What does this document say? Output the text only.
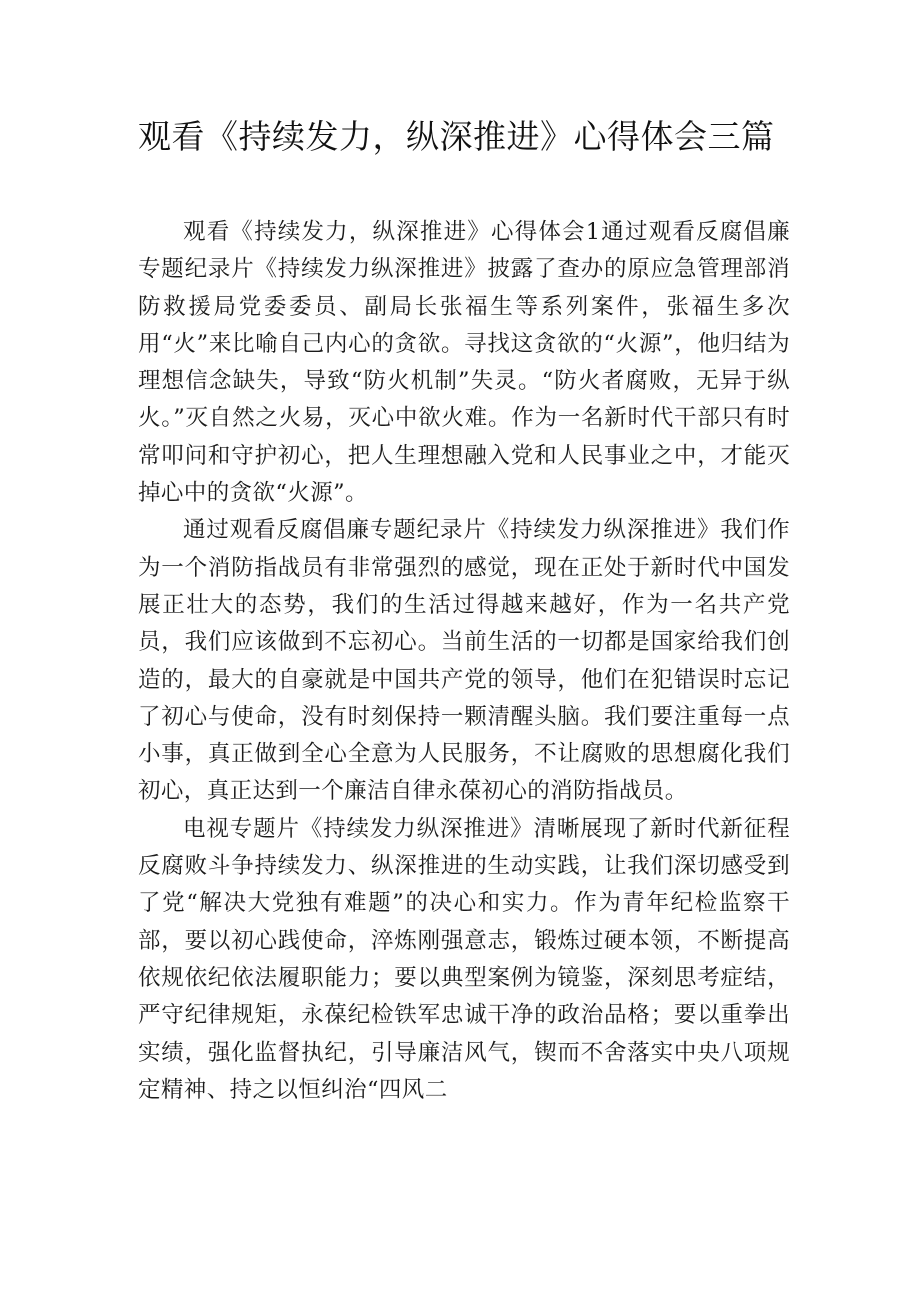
观看《持续发力，纵深推进》心得体会三篇

观看《持续发力，纵深推进》心得体会1通过观看反腐倡廉专题纪录片《持续发力纵深推进》披露了查办的原应急管理部消防救援局党委委员、副局长张福生等系列案件，张福生多次用“火”来比喻自己内心的贪欲。寻找这贪欲的“火源”，他归结为理想信念缺失，导致“防火机制”失灵。“防火者腐败，无异于纵火。”灭自然之火易，灭心中欲火难。作为一名新时代干部只有时常叩问和守护初心，把人生理想融入党和人民事业之中，才能灭掉心中的贪欲“火源”。

通过观看反腐倡廉专题纪录片《持续发力纵深推进》我们作为一个消防指战员有非常强烈的感觉，现在正处于新时代中国发展正壮大的态势，我们的生活过得越来越好，作为一名共产党员，我们应该做到不忘初心。当前生活的一切都是国家给我们创造的，最大的自豪就是中国共产党的领导，他们在犯错误时忘记了初心与使命，没有时刻保持一颗清醒头脑。我们要注重每一点小事，真正做到全心全意为人民服务，不让腐败的思想腐化我们初心，真正达到一个廉洁自律永葆初心的消防指战员。

电视专题片《持续发力纵深推进》清晰展现了新时代新征程反腐败斗争持续发力、纵深推进的生动实践，让我们深切感受到了党“解决大党独有难题”的决心和实力。作为青年纪检监察干部，要以初心践使命，淬炼刚强意志，锻炼过硬本领，不断提高依规依纪依法履职能力；要以典型案例为镜鉴，深刻思考症结，严守纪律规矩，永葆纪检铁军忠诚干净的政治品格；要以重拳出实绩，强化监督执纪，引导廉洁风气，锲而不舍落实中央八项规定精神、持之以恒纠治“四风二
